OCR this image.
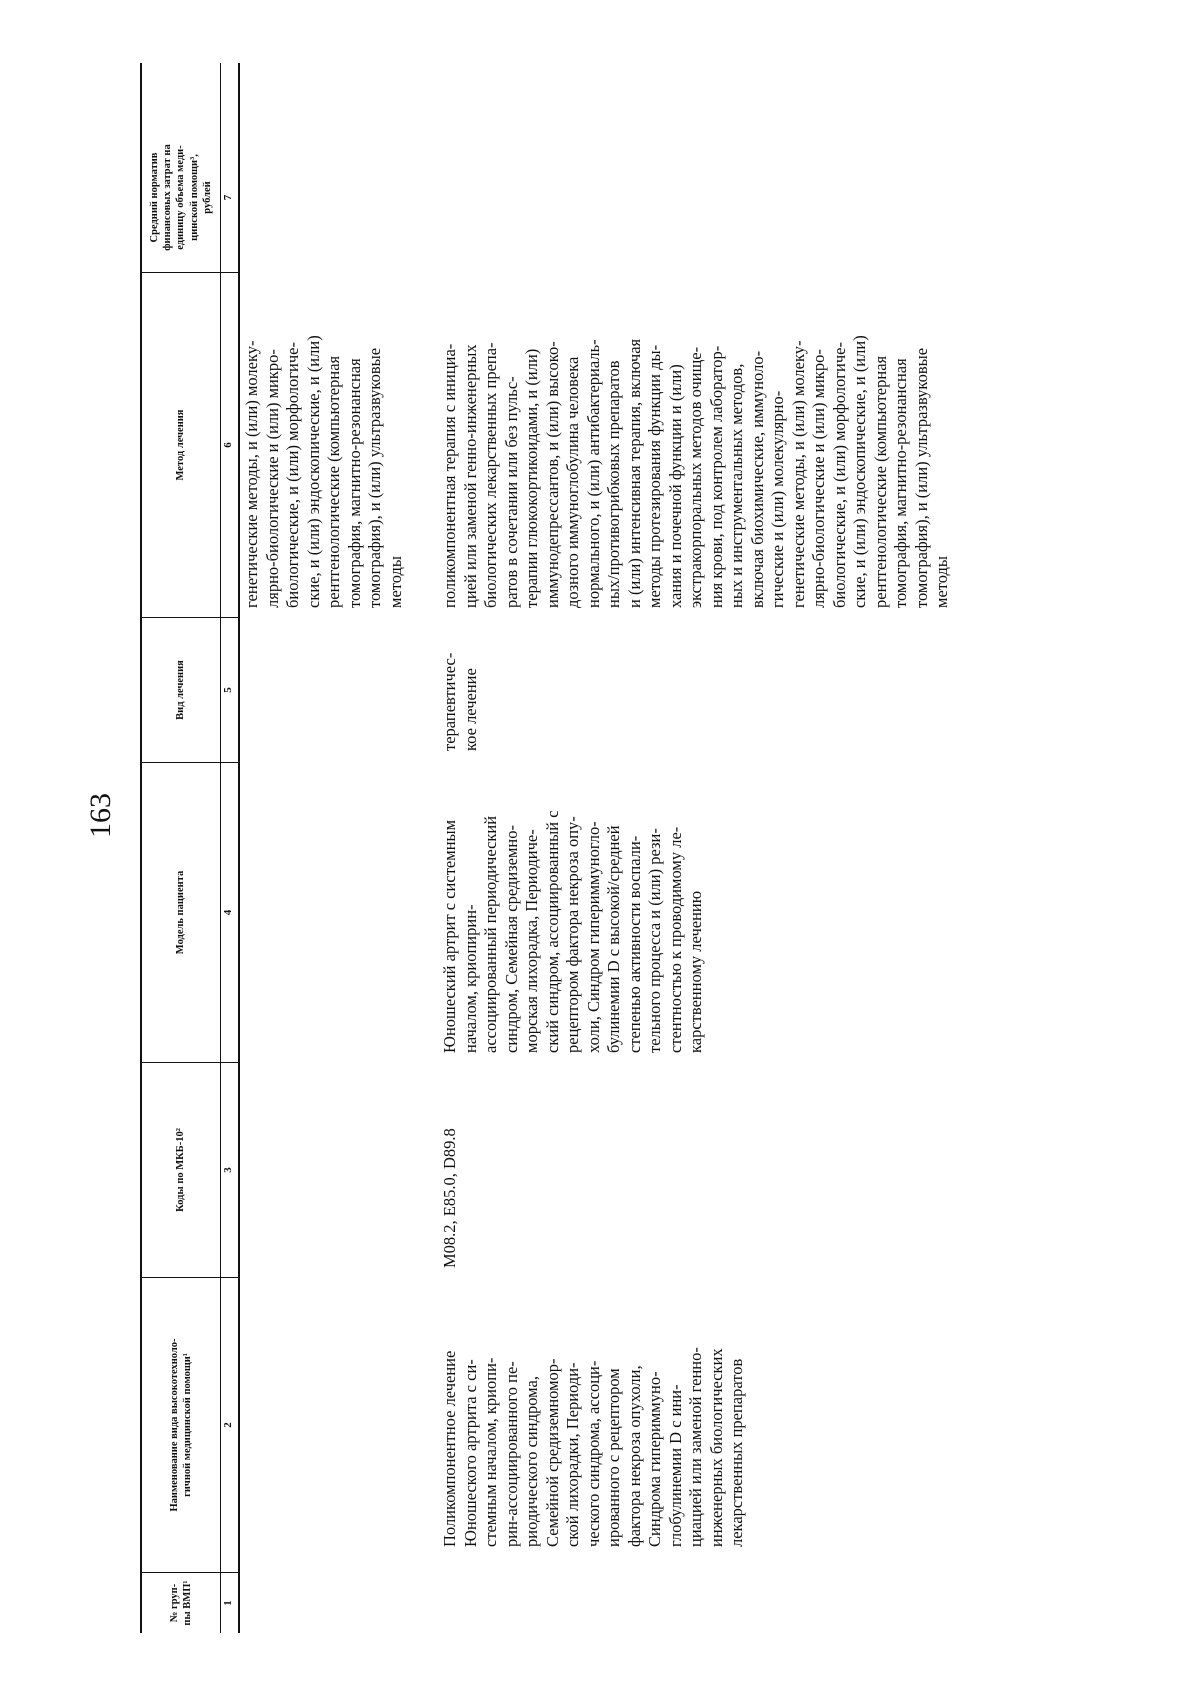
163
№ груп-
пы ВМП¹
Наименование вида высокотехноло-
гичной медицинской помощи¹
Коды по МКБ-10²
Модель пациента
Вид лечения
Метод лечения
Средний норматив
финансовых затрат на
единицу объема меди-
цинской помощи³,
рублей
1
2
3
4
5
6
7
генетические методы, и (или) молеку-
лярно-биологические и (или) микро-
биологические, и (или) морфологиче-
ские, и (или) эндоскопические, и (или)
рентгенологические (компьютерная
томография, магнитно-резонансная
томография), и (или) ультразвуковые
методы
Поликомпонентное лечение
Юношеского артрита с си-
стемным началом, криопи-
рин-ассоциированного пе-
риодического синдрома,
Семейной средиземномор-
ской лихорадки, Периоди-
ческого синдрома, ассоци-
ированного с рецептором
фактора некроза опухоли,
Синдрома гипериммуно-
глобулинемии D с ини-
циацией или заменой генно-
инженерных биологических
лекарственных препаратов
M08.2, E85.0, D89.8
Юношеский артрит с системным
началом, криопирин-
ассоциированный периодический
синдром, Семейная средиземно-
морская лихорадка, Периодиче-
ский синдром, ассоциированный с
рецептором фактора некроза опу-
холи, Синдром гипериммуногло-
булинемии D с высокой/средней
степенью активности воспали-
тельного процесса и (или) рези-
стентностью к проводимому ле-
карственному лечению
терапевтичес-
кое лечение
поликомпонентная терапия с инициа-
цией или заменой генно-инженерных
биологических лекарственных препа-
ратов в сочетании или без пульс-
терапии глюкокортикоидами, и (или)
иммунодепрессантов, и (или) высоко-
дозного иммуноглобулина человека
нормального, и (или) антибактериаль-
ных/противогрибковых препаратов
и (или) интенсивная терапия, включая
методы протезирования функции ды-
хания и почечной функции и (или)
экстракорпоральных методов очище-
ния крови, под контролем лаборатор-
ных и инструментальных методов,
включая биохимические, иммуноло-
гические и (или) молекулярно-
генетические методы, и (или) молеку-
лярно-биологические и (или) микро-
биологические, и (или) морфологиче-
ские, и (или) эндоскопические, и (или)
рентгенологические (компьютерная
томография, магнитно-резонансная
томография), и (или) ультразвуковые
методы
